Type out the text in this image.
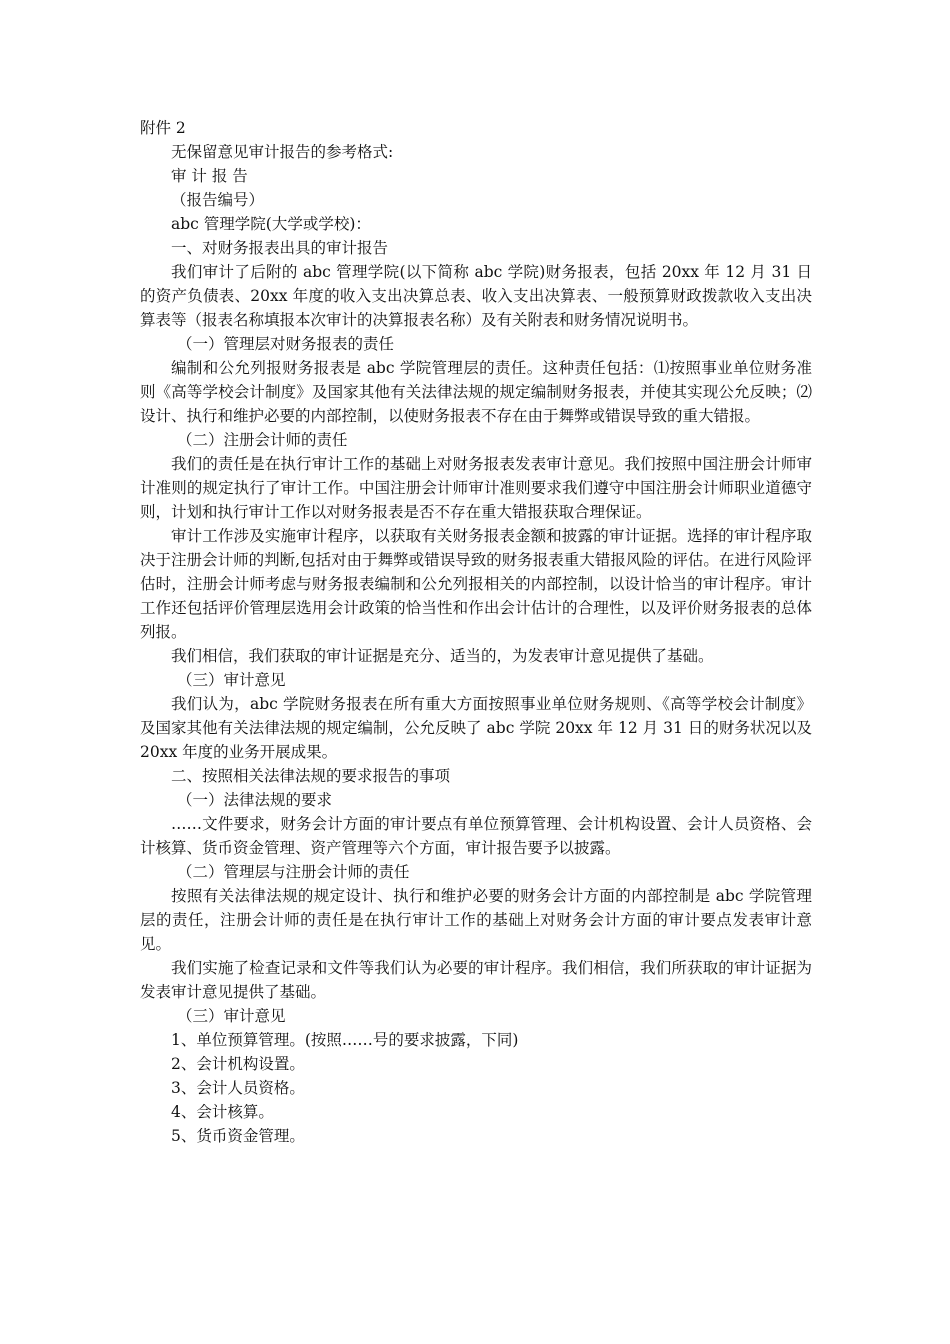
附件 2

无保留意见审计报告的参考格式:

审 计 报 告

（报告编号）

abc 管理学院(大学或学校)：

一、对财务报表出具的审计报告

我们审计了后附的 abc 管理学院(以下简称 abc 学院)财务报表，包括 20xx 年 12 月 31 日的资产负债表、20xx 年度的收入支出决算总表、收入支出决算表、一般预算财政拨款收入支出决算表等（报表名称填报本次审计的决算报表名称）及有关附表和财务情况说明书。

（一）管理层对财务报表的责任

编制和公允列报财务报表是 abc 学院管理层的责任。这种责任包括：⑴按照事业单位财务准则《高等学校会计制度》及国家其他有关法律法规的规定编制财务报表，并使其实现公允反映；⑵设计、执行和维护必要的内部控制，以使财务报表不存在由于舞弊或错误导致的重大错报。

（二）注册会计师的责任

我们的责任是在执行审计工作的基础上对财务报表发表审计意见。我们按照中国注册会计师审计准则的规定执行了审计工作。中国注册会计师审计准则要求我们遵守中国注册会计师职业道德守则，计划和执行审计工作以对财务报表是否不存在重大错报获取合理保证。

审计工作涉及实施审计程序，以获取有关财务报表金额和披露的审计证据。选择的审计程序取决于注册会计师的判断,包括对由于舞弊或错误导致的财务报表重大错报风险的评估。在进行风险评估时，注册会计师考虑与财务报表编制和公允列报相关的内部控制，以设计恰当的审计程序。审计工作还包括评价管理层选用会计政策的恰当性和作出会计估计的合理性，以及评价财务报表的总体列报。

我们相信，我们获取的审计证据是充分、适当的，为发表审计意见提供了基础。

（三）审计意见

我们认为，abc 学院财务报表在所有重大方面按照事业单位财务规则、《高等学校会计制度》及国家其他有关法律法规的规定编制，公允反映了 abc 学院 20xx 年 12 月 31 日的财务状况以及 20xx 年度的业务开展成果。

二、按照相关法律法规的要求报告的事项

（一）法律法规的要求

……文件要求，财务会计方面的审计要点有单位预算管理、会计机构设置、会计人员资格、会计核算、货币资金管理、资产管理等六个方面，审计报告要予以披露。

（二）管理层与注册会计师的责任

按照有关法律法规的规定设计、执行和维护必要的财务会计方面的内部控制是 abc 学院管理层的责任，注册会计师的责任是在执行审计工作的基础上对财务会计方面的审计要点发表审计意见。

我们实施了检查记录和文件等我们认为必要的审计程序。我们相信，我们所获取的审计证据为发表审计意见提供了基础。

（三）审计意见

1、单位预算管理。(按照……号的要求披露，下同)

2、会计机构设置。

3、会计人员资格。

4、会计核算。

5、货币资金管理。
